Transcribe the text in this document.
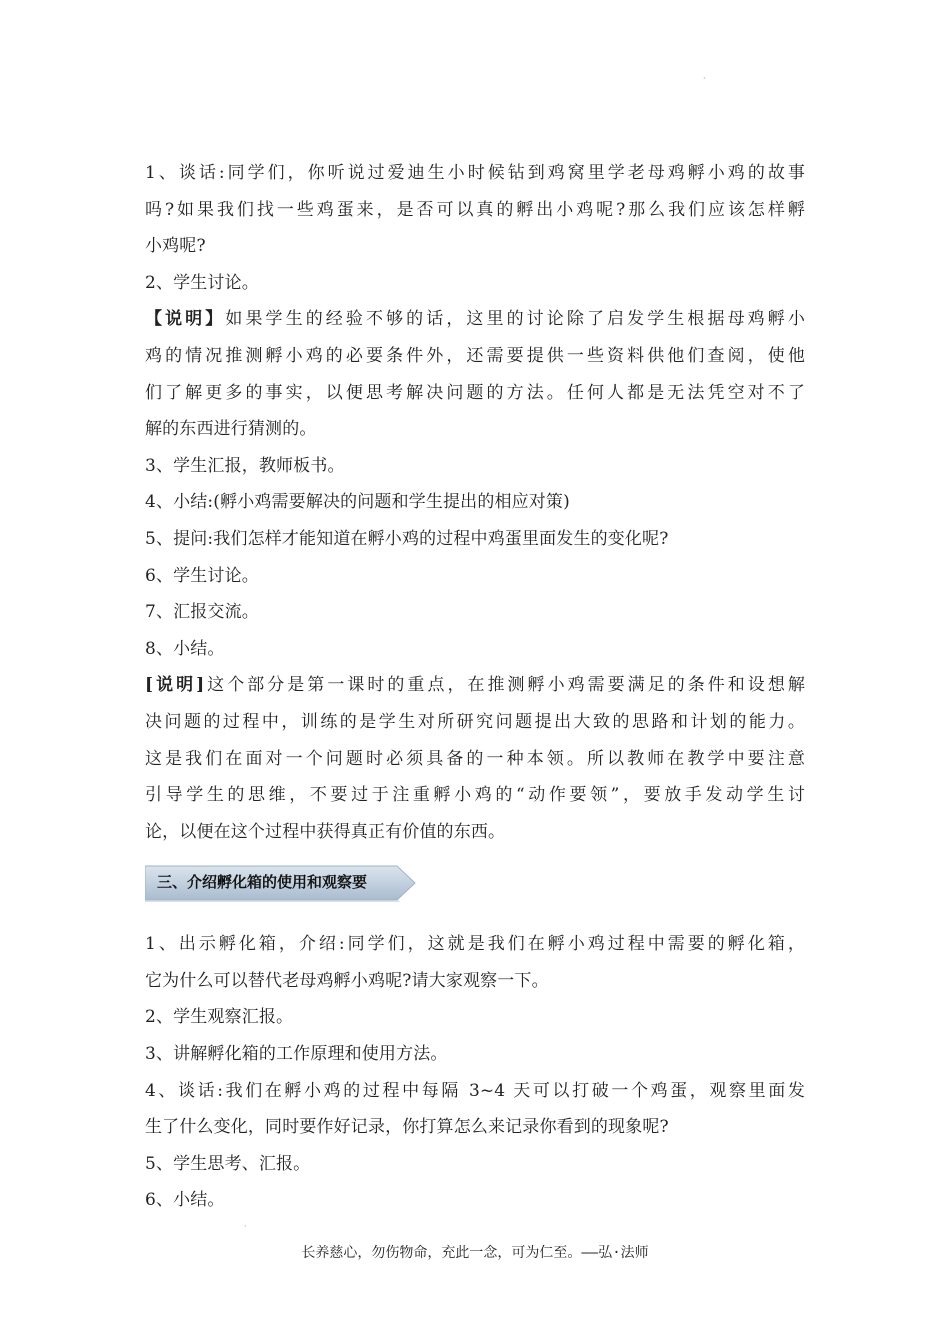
·
1、谈话:同学们，你听说过爱迪生小时候钻到鸡窝里学老母鸡孵小鸡的故事
吗?如果我们找一些鸡蛋来，是否可以真的孵出小鸡呢?那么我们应该怎样孵
小鸡呢?
2、学生讨论。
【说明】如果学生的经验不够的话，这里的讨论除了启发学生根据母鸡孵小
鸡的情况推测孵小鸡的必要条件外，还需要提供一些资料供他们查阅，使他
们了解更多的事实，以便思考解决问题的方法。任何人都是无法凭空对不了
解的东西进行猜测的。
3、学生汇报，教师板书。
4、小结:(孵小鸡需要解决的问题和学生提出的相应对策)
5、提问:我们怎样才能知道在孵小鸡的过程中鸡蛋里面发生的变化呢?
6、学生讨论。
7、汇报交流。
8、小结。
[说明]这个部分是第一课时的重点，在推测孵小鸡需要满足的条件和设想解
决问题的过程中，训练的是学生对所研究问题提出大致的思路和计划的能力。
这是我们在面对一个问题时必须具备的一种本领。所以教师在教学中要注意
引导学生的思维，不要过于注重孵小鸡的“动作要领”，要放手发动学生讨
论，以便在这个过程中获得真正有价值的东西。
三、介绍孵化箱的使用和观察要
1、出示孵化箱，介绍:同学们，这就是我们在孵小鸡过程中需要的孵化箱，
它为什么可以替代老母鸡孵小鸡呢?请大家观察一下。
2、学生观察汇报。
3、讲解孵化箱的工作原理和使用方法。
4、谈话:我们在孵小鸡的过程中每隔 3~4 天可以打破一个鸡蛋，观察里面发
生了什么变化，同时要作好记录，你打算怎么来记录你看到的现象呢?
5、学生思考、汇报。
6、小结。
·
长养慈心，勿伤物命，充此一念，可为仁至。——弘·法师
